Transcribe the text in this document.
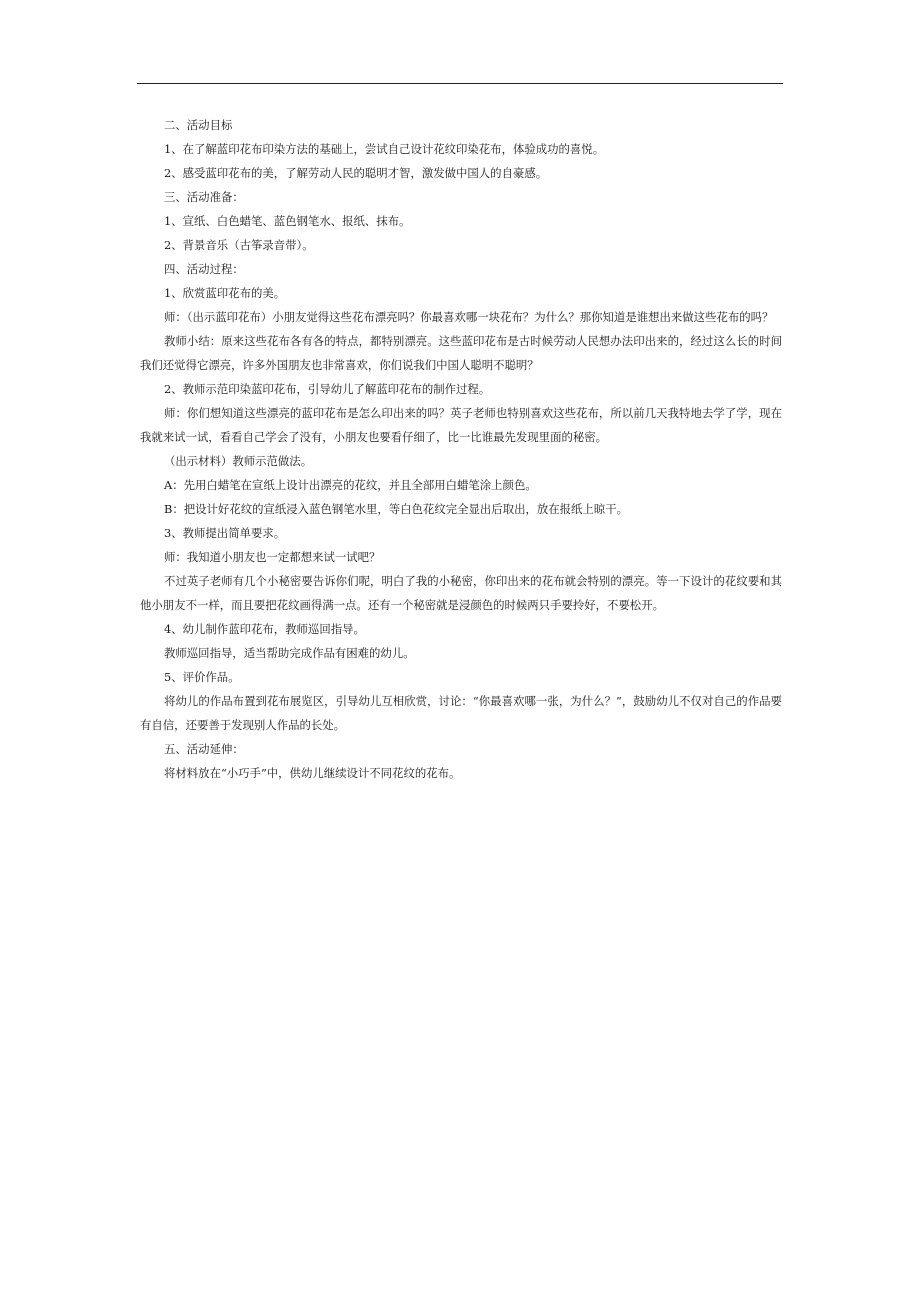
二、活动目标

1、在了解蓝印花布印染方法的基础上，尝试自己设计花纹印染花布，体验成功的喜悦。

2、感受蓝印花布的美，了解劳动人民的聪明才智，激发做中国人的自豪感。

三、活动准备：

1、宣纸、白色蜡笔、蓝色钢笔水、报纸、抹布。

2、背景音乐（古筝录音带）。

四、活动过程：

1、欣赏蓝印花布的美。

师：（出示蓝印花布）小朋友觉得这些花布漂亮吗？你最喜欢哪一块花布？为什么？那你知道是谁想出来做这些花布的吗？

教师小结：原来这些花布各有各的特点，都特别漂亮。这些蓝印花布是古时候劳动人民想办法印出来的，经过这么长的时间我们还觉得它漂亮，许多外国朋友也非常喜欢，你们说我们中国人聪明不聪明？

2、教师示范印染蓝印花布，引导幼儿了解蓝印花布的制作过程。

师：你们想知道这些漂亮的蓝印花布是怎么印出来的吗？英子老师也特别喜欢这些花布，所以前几天我特地去学了学，现在我就来试一试，看看自己学会了没有，小朋友也要看仔细了，比一比谁最先发现里面的秘密。

（出示材料）教师示范做法。

A：先用白蜡笔在宣纸上设计出漂亮的花纹，并且全部用白蜡笔涂上颜色。

B：把设计好花纹的宣纸浸入蓝色钢笔水里，等白色花纹完全显出后取出，放在报纸上晾干。

3、教师提出简单要求。

师：我知道小朋友也一定都想来试一试吧？

不过英子老师有几个小秘密要告诉你们呢，明白了我的小秘密，你印出来的花布就会特别的漂亮。等一下设计的花纹要和其他小朋友不一样，而且要把花纹画得满一点。还有一个秘密就是浸颜色的时候两只手要拎好，不要松开。

4、幼儿制作蓝印花布，教师巡回指导。

教师巡回指导，适当帮助完成作品有困难的幼儿。

5、评价作品。

将幼儿的作品布置到花布展览区，引导幼儿互相欣赏，讨论：“你最喜欢哪一张，为什么？”，鼓励幼儿不仅对自己的作品要有自信，还要善于发现别人作品的长处。

五、活动延伸：

将材料放在“小巧手”中，供幼儿继续设计不同花纹的花布。
